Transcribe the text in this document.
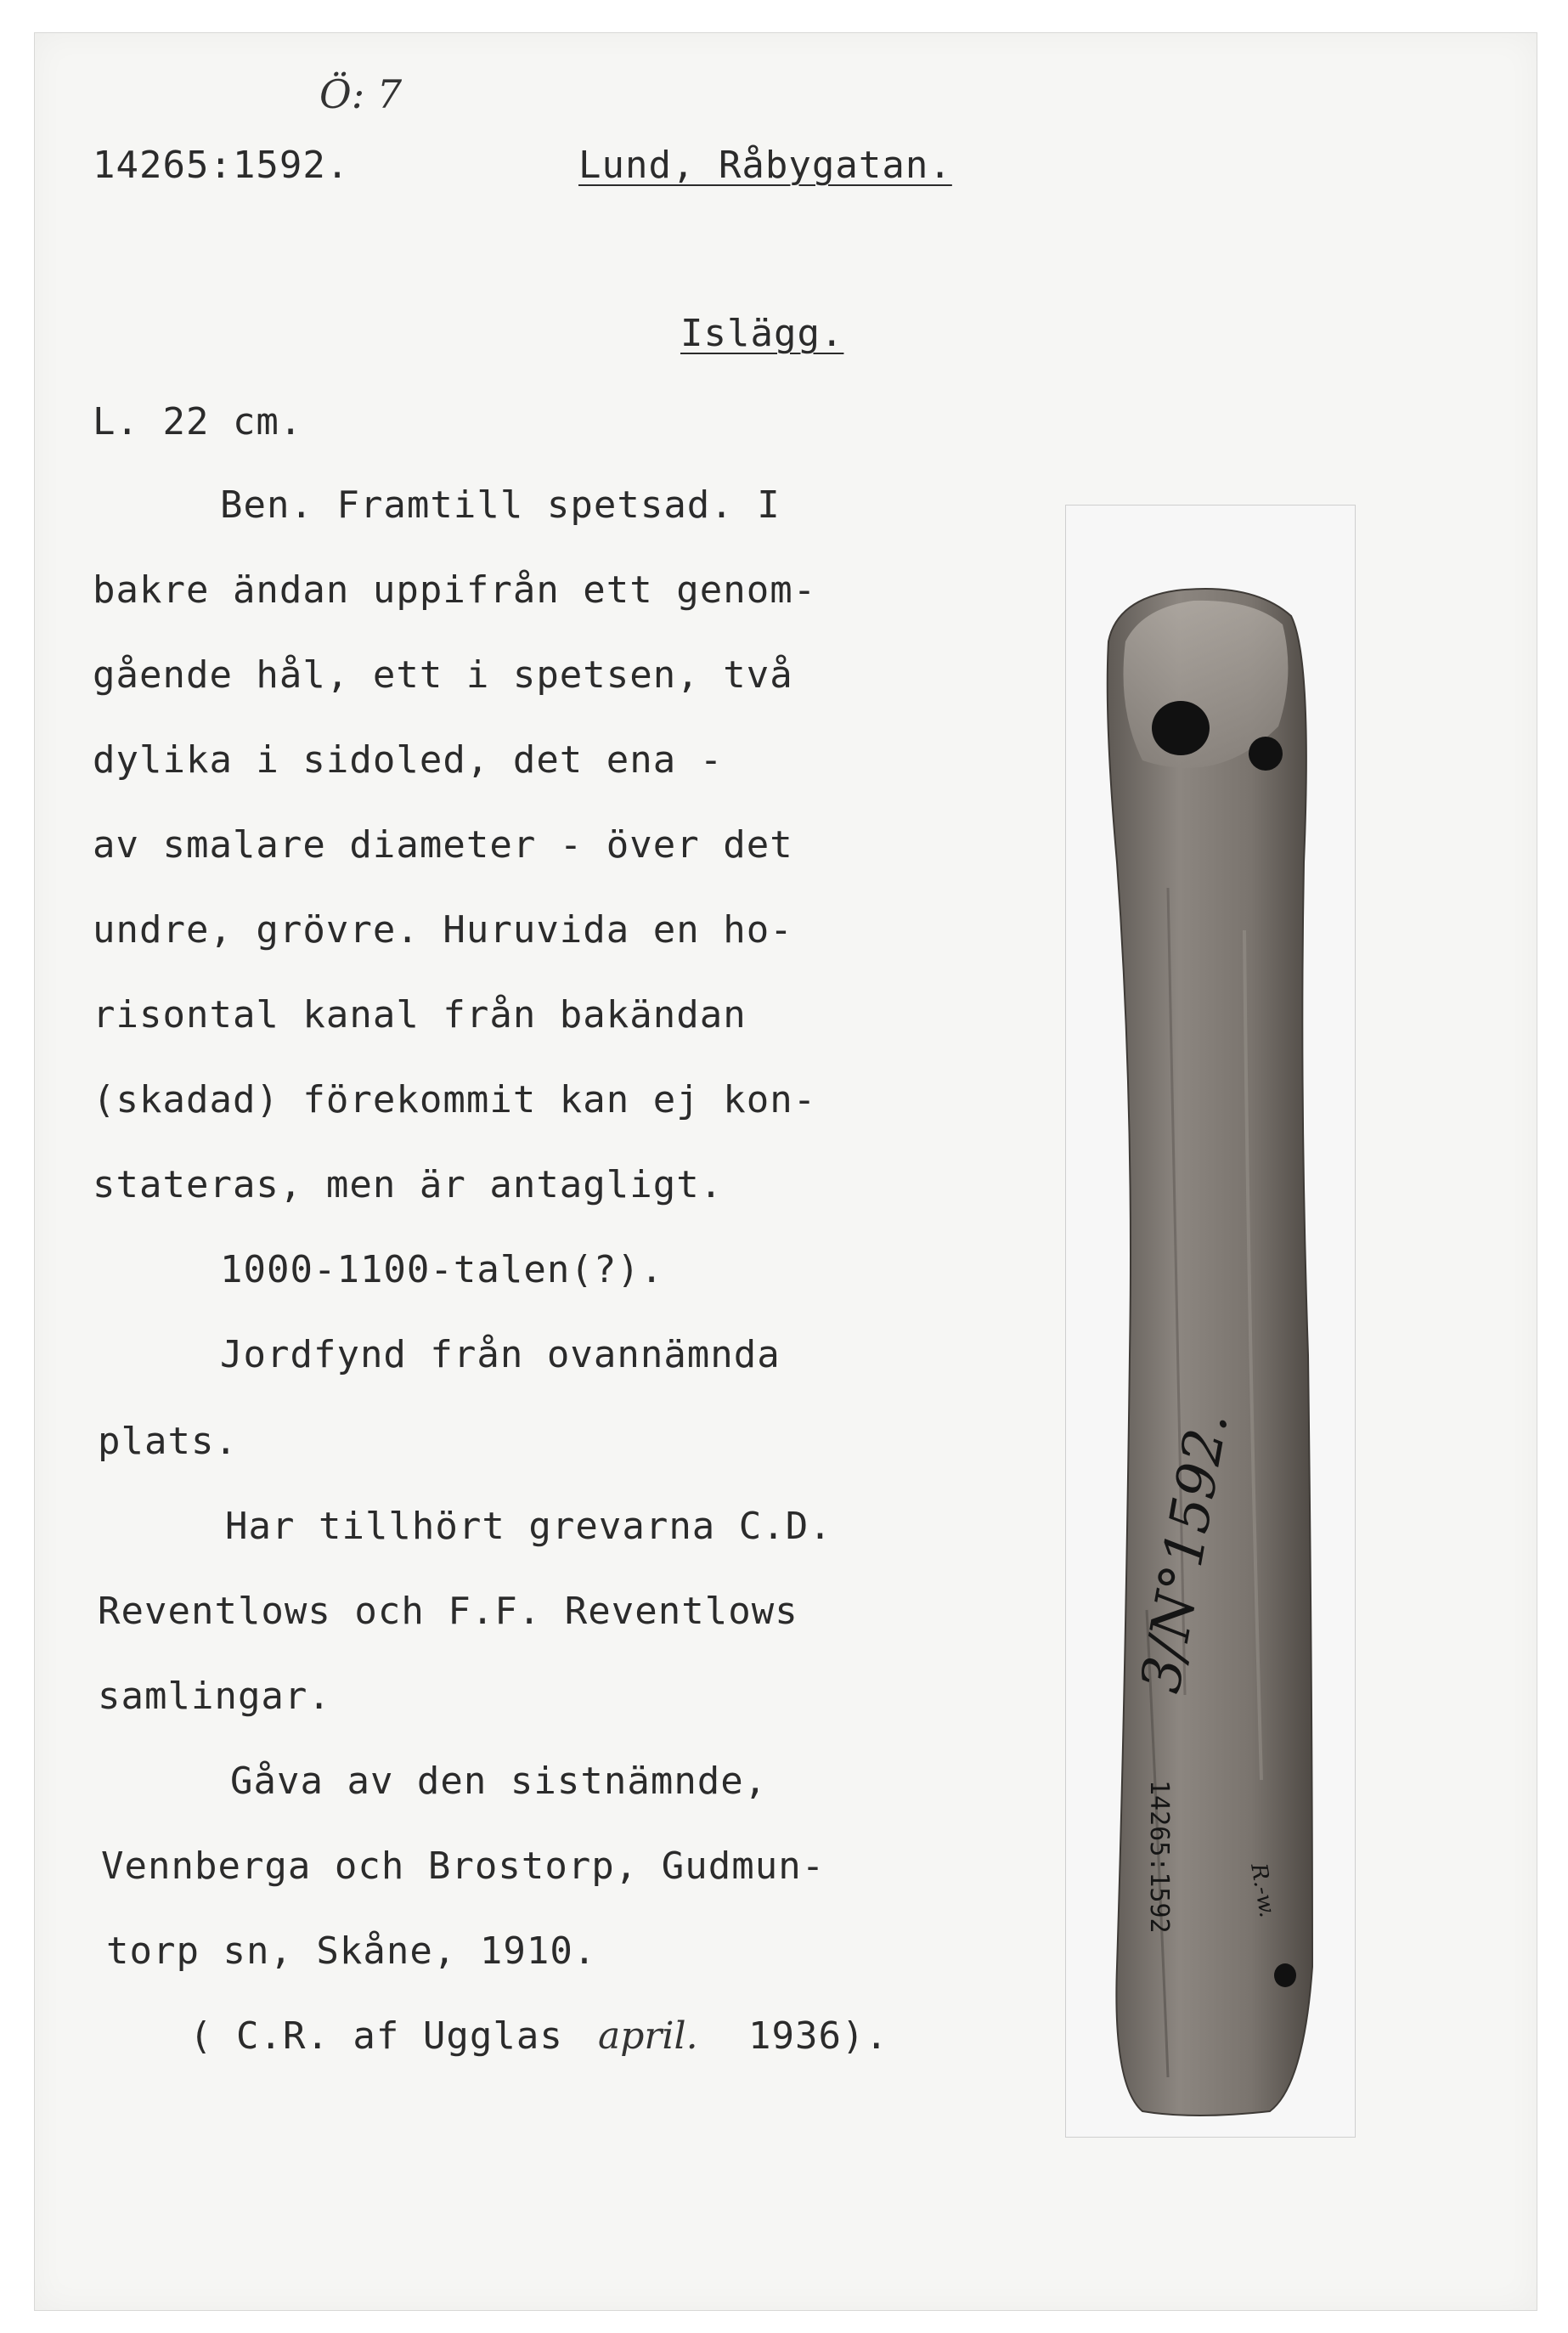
Ö: 7
14265:1592.	Lund, Råbygatan.
Islägg.
L. 22 cm.
Ben. Framtill spetsad. I
bakre ändan uppifrån ett genom-
gående hål, ett i spetsen, två
dylika i sidoled, det ena -
av smalare diameter - över det
undre, grövre. Huruvida en ho-
risontal kanal från bakändan
(skadad) förekommit kan ej kon-
stateras, men är antagligt.
1000-1100-talen(?).
Jordfynd från ovannämnda
plats.
Har tillhört grevarna C.D.
Reventlows och F.F. Reventlows
samlingar.
Gåva av den sistnämnde,
Vennberga och Brostorp, Gudmun-
torp sn, Skåne, 1910.
( C.R. af Ugglas april. 1936).
3/N°1592.
14265:1592	R.-w.
